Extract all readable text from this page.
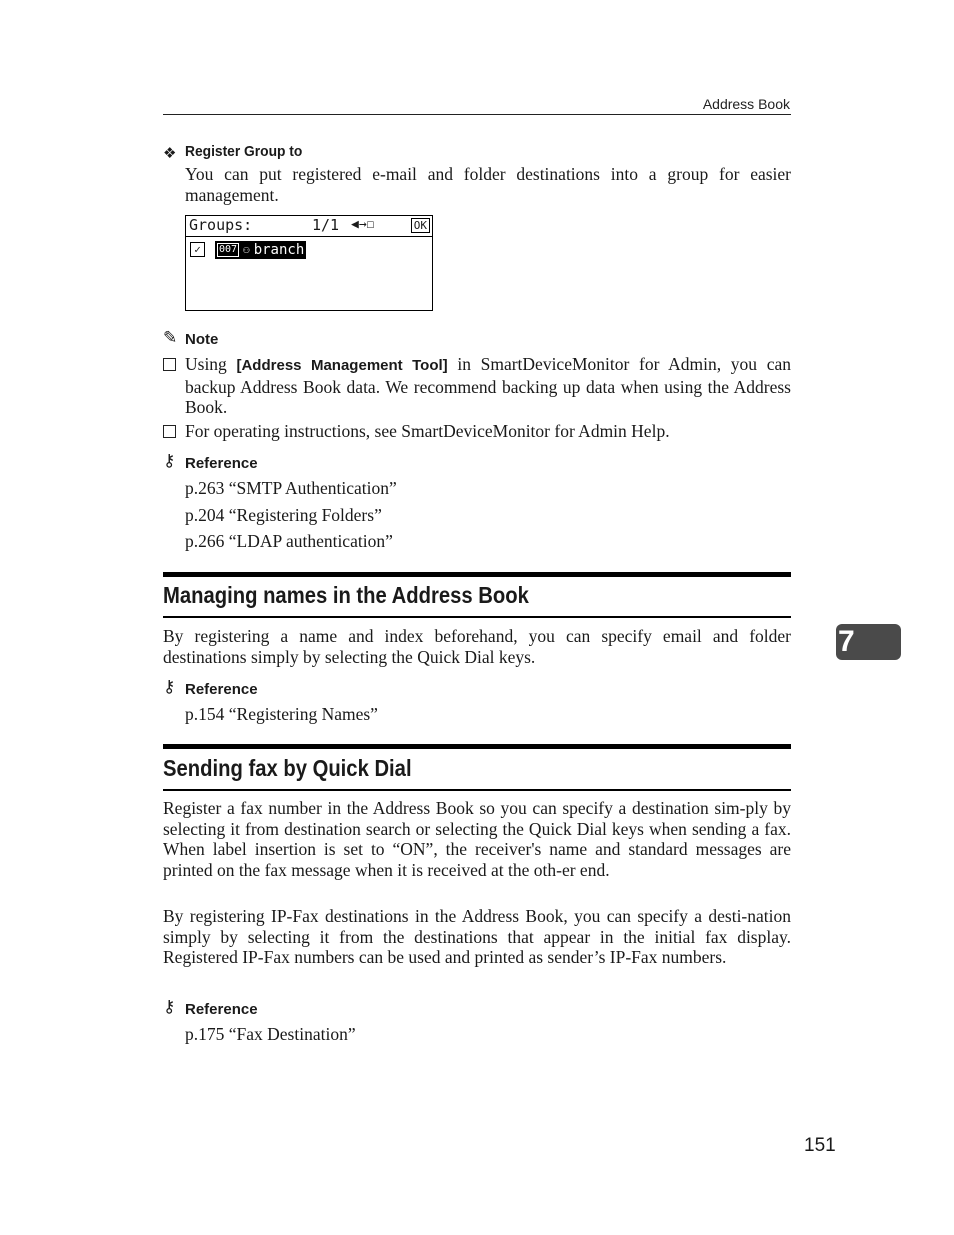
Address Book
❖ Register Group to
You can put registered e-mail and folder destinations into a group for easier management.
Groups:	1/1 ◀→☐	OK
✓	007 ⚇ branch
✎ Note
Using [Address Management Tool] in SmartDeviceMonitor for Admin, you can backup Address Book data. We recommend backing up data when using the Address Book.
For operating instructions, see SmartDeviceMonitor for Admin Help.
⚷ Reference
p.263 “SMTP Authentication”
p.204 “Registering Folders”
p.266 “LDAP authentication”
Managing names in the Address Book
By registering a name and index beforehand, you can specify email and folder destinations simply by selecting the Quick Dial keys.
⚷ Reference
p.154 “Registering Names”
Sending fax by Quick Dial
Register a fax number in the Address Book so you can specify a destination sim-ply by selecting it from destination search or selecting the Quick Dial keys when sending a fax. When label insertion is set to “ON”, the receiver's name and standard messages are printed on the fax message when it is received at the oth-er end.
By registering IP-Fax destinations in the Address Book, you can specify a desti-nation simply by selecting it from the destinations that appear in the initial fax display. Registered IP-Fax numbers can be used and printed as sender’s IP-Fax numbers.
⚷ Reference
p.175 “Fax Destination”
7
151
